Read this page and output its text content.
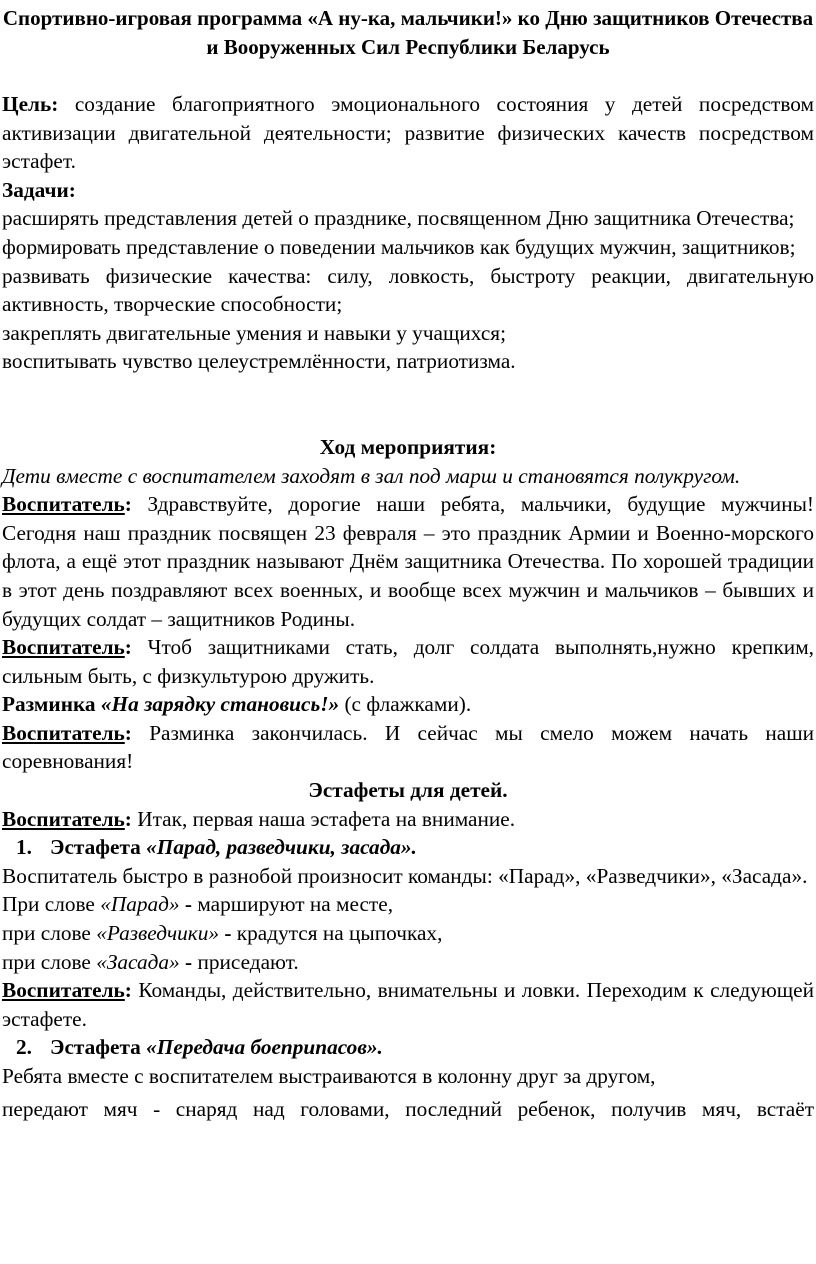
Спортивно-игровая программа «А ну-ка, мальчики!» ко Дню защитников Отечества и Вооруженных Сил Республики Беларусь

Цель: создание благоприятного эмоционального состояния у детей посредством активизации двигательной деятельности; развитие физических качеств посредством эстафет.

Задачи:

расширять представления детей о празднике, посвященном Дню защитника Отечества;

формировать представление о поведении мальчиков как будущих мужчин, защитников;

развивать физические качества: силу, ловкость, быстроту реакции, двигательную активность, творческие способности;

закреплять двигательные умения и навыки у учащихся;

воспитывать чувство целеустремлённости, патриотизма.

Ход мероприятия:

Дети вместе с воспитателем заходят в зал под марш и становятся полукругом.

Воспитатель: Здравствуйте, дорогие наши ребята, мальчики, будущие мужчины! Сегодня наш праздник посвящен 23 февраля – это праздник Армии и Военно-морского флота, а ещё этот праздник называют Днём защитника Отечества. По хорошей традиции в этот день поздравляют всех военных, и вообще всех мужчин и мальчиков – бывших и будущих солдат – защитников Родины.

Воспитатель: Чтоб защитниками стать, долг солдата выполнять,нужно крепким, сильным быть, с физкультурою дружить.

Разминка «На зарядку становись!» (с флажками).

Воспитатель: Разминка закончилась. И сейчас мы смело можем начать наши соревнования!

Эстафеты для детей.

Воспитатель: Итак, первая наша эстафета на внимание.

1. Эстафета «Парад, разведчики, засада».

Воспитатель быстро в разнобой произносит команды: «Парад», «Разведчики», «Засада».

При слове «Парад» - маршируют на месте,

при слове «Разведчики» - крадутся на цыпочках,

при слове «Засада» - приседают.

Воспитатель: Команды, действительно, внимательны и ловки. Переходим к следующей эстафете.

2. Эстафета «Передача боеприпасов».

Ребята вместе с воспитателем выстраиваются в колонну друг за другом,

передают мяч - снаряд над головами, последний ребенок, получив мяч, встаёт
